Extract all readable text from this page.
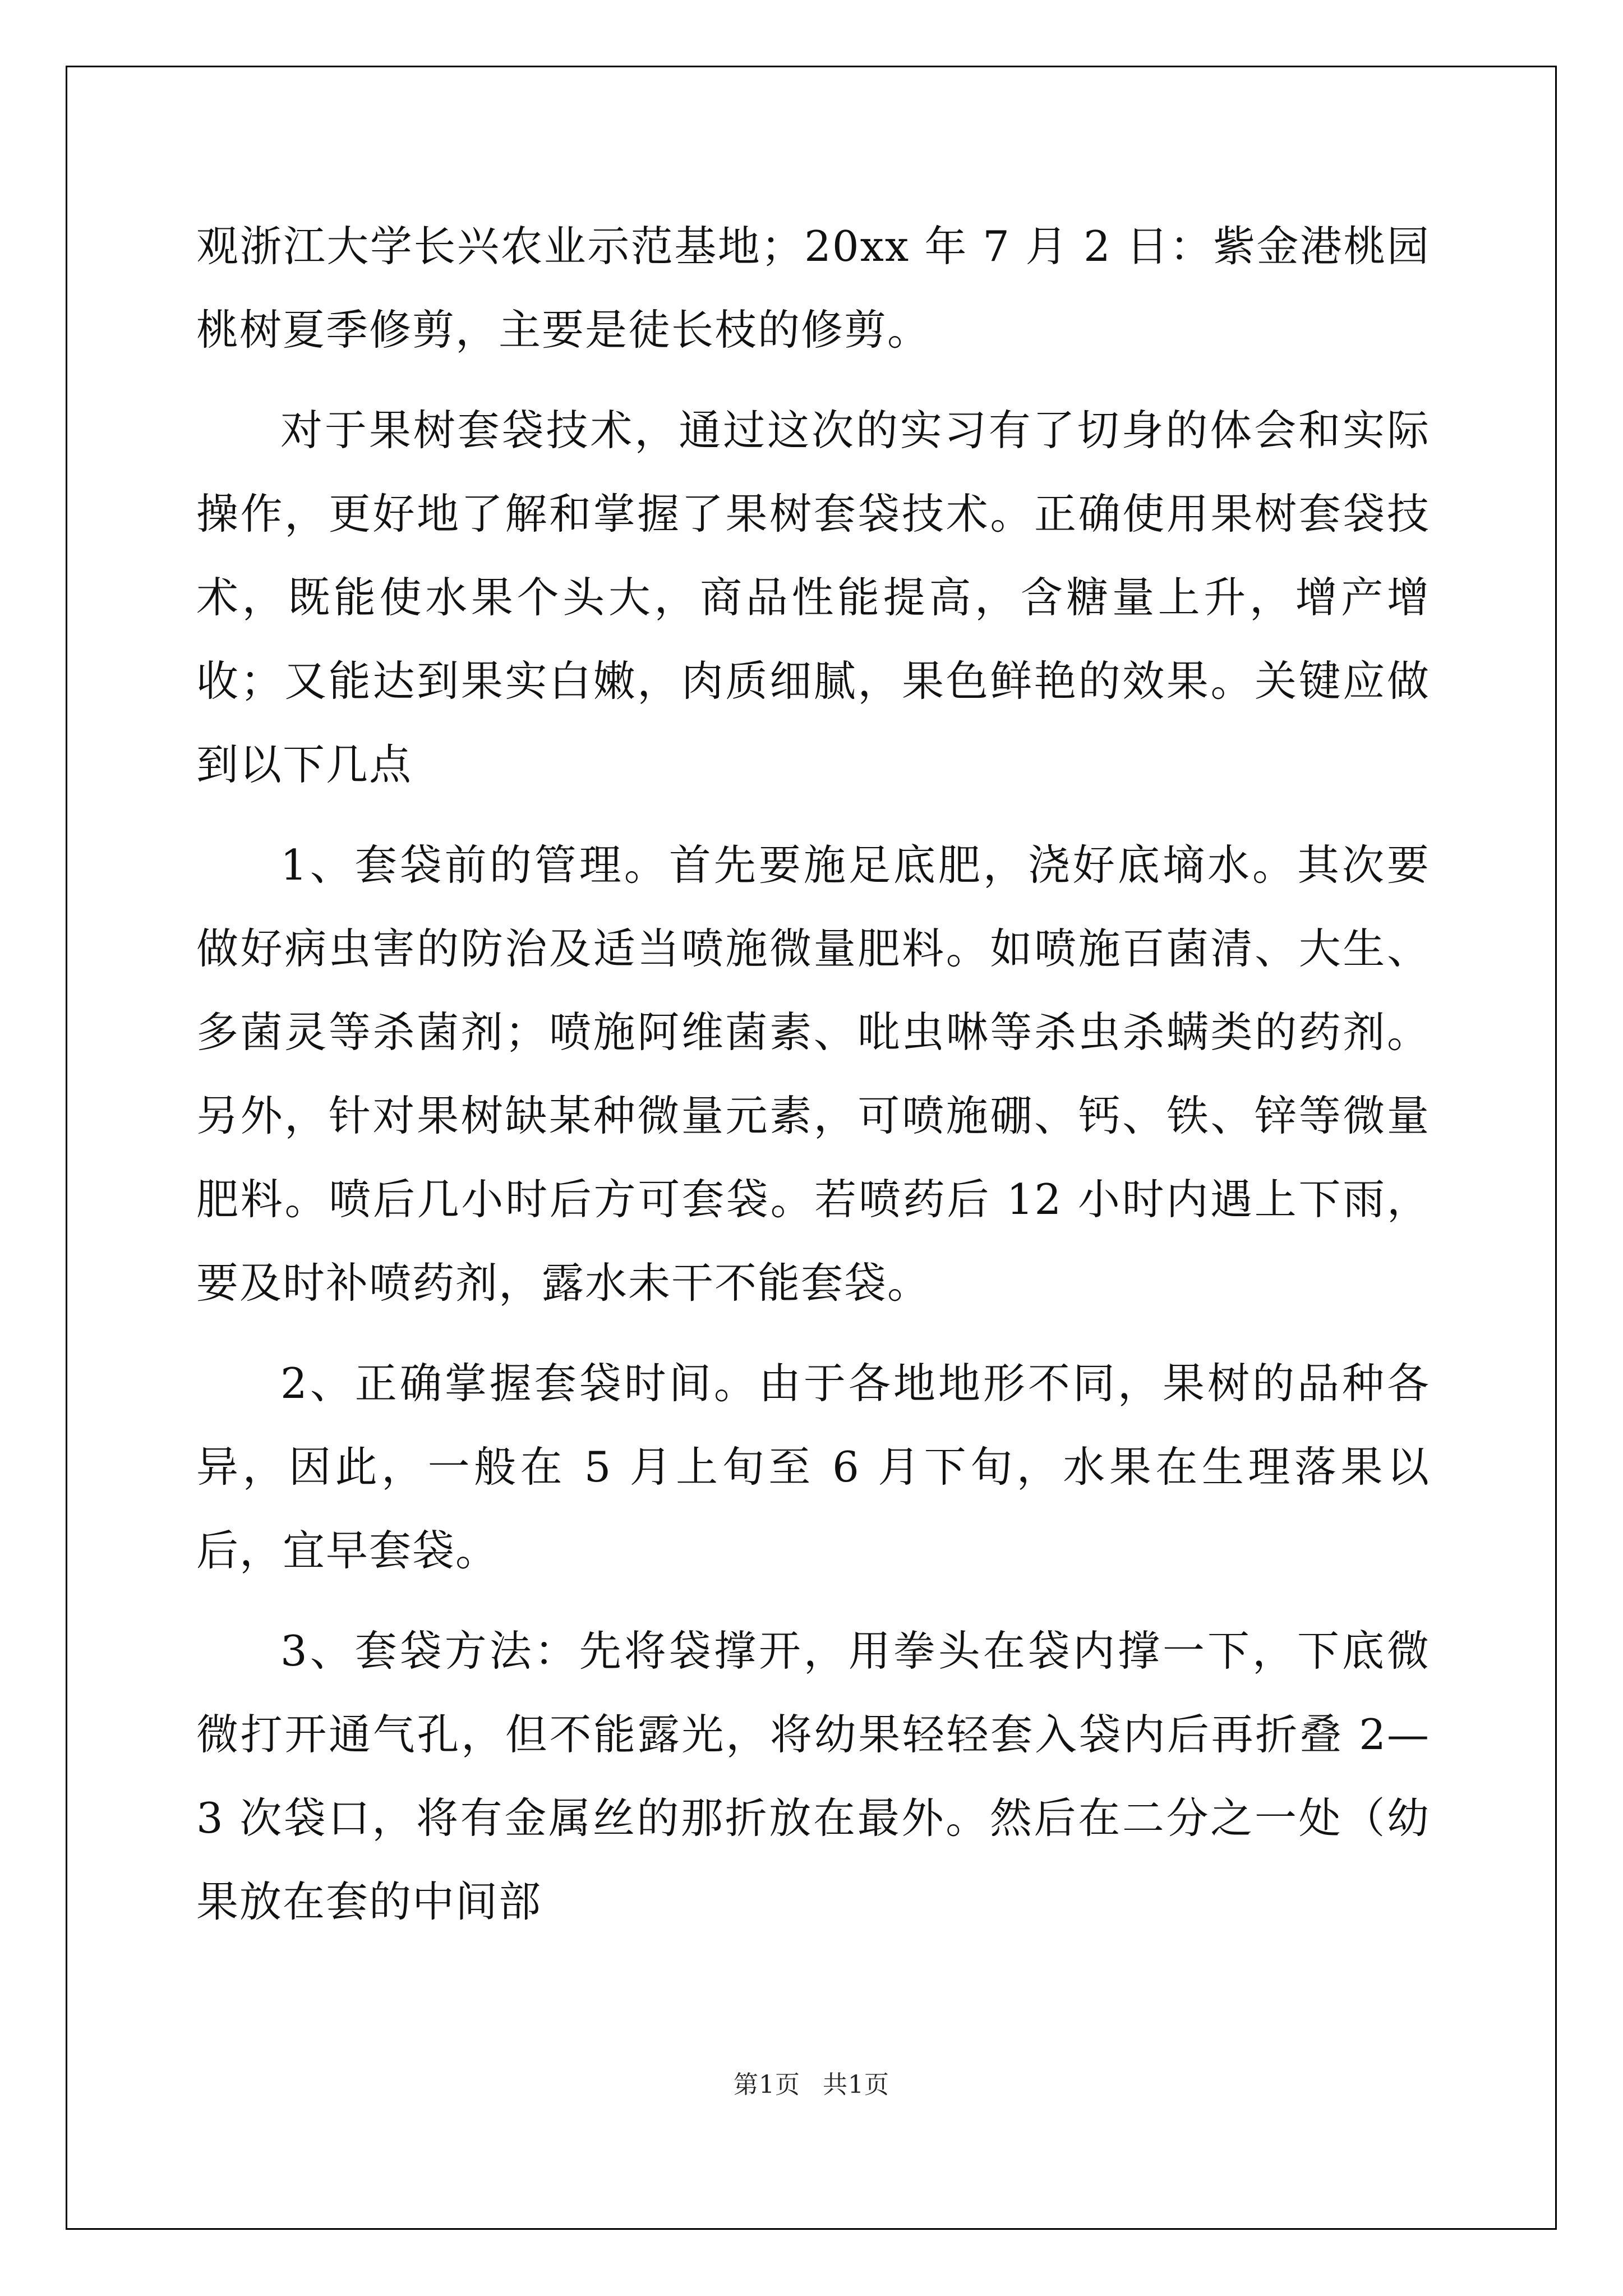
观浙江大学长兴农业示范基地；20xx 年 7 月 2 日：紫金港桃园桃树夏季修剪，主要是徒长枝的修剪。

对于果树套袋技术，通过这次的实习有了切身的体会和实际操作，更好地了解和掌握了果树套袋技术。正确使用果树套袋技术，既能使水果个头大，商品性能提高，含糖量上升，增产增收；又能达到果实白嫩，肉质细腻，果色鲜艳的效果。关键应做到以下几点

1、套袋前的管理。首先要施足底肥，浇好底墒水。其次要做好病虫害的防治及适当喷施微量肥料。如喷施百菌清、大生、多菌灵等杀菌剂；喷施阿维菌素、吡虫啉等杀虫杀螨类的药剂。另外，针对果树缺某种微量元素，可喷施硼、钙、铁、锌等微量肥料。喷后几小时后方可套袋。若喷药后 12 小时内遇上下雨，要及时补喷药剂，露水未干不能套袋。

2、正确掌握套袋时间。由于各地地形不同，果树的品种各异，因此，一般在 5 月上旬至 6 月下旬，水果在生理落果以后，宜早套袋。

3、套袋方法：先将袋撑开，用拳头在袋内撑一下，下底微微打开通气孔，但不能露光，将幼果轻轻套入袋内后再折叠 2—3 次袋口，将有金属丝的那折放在最外。然后在二分之一处（幼果放在套的中间部

第1页 共1页
